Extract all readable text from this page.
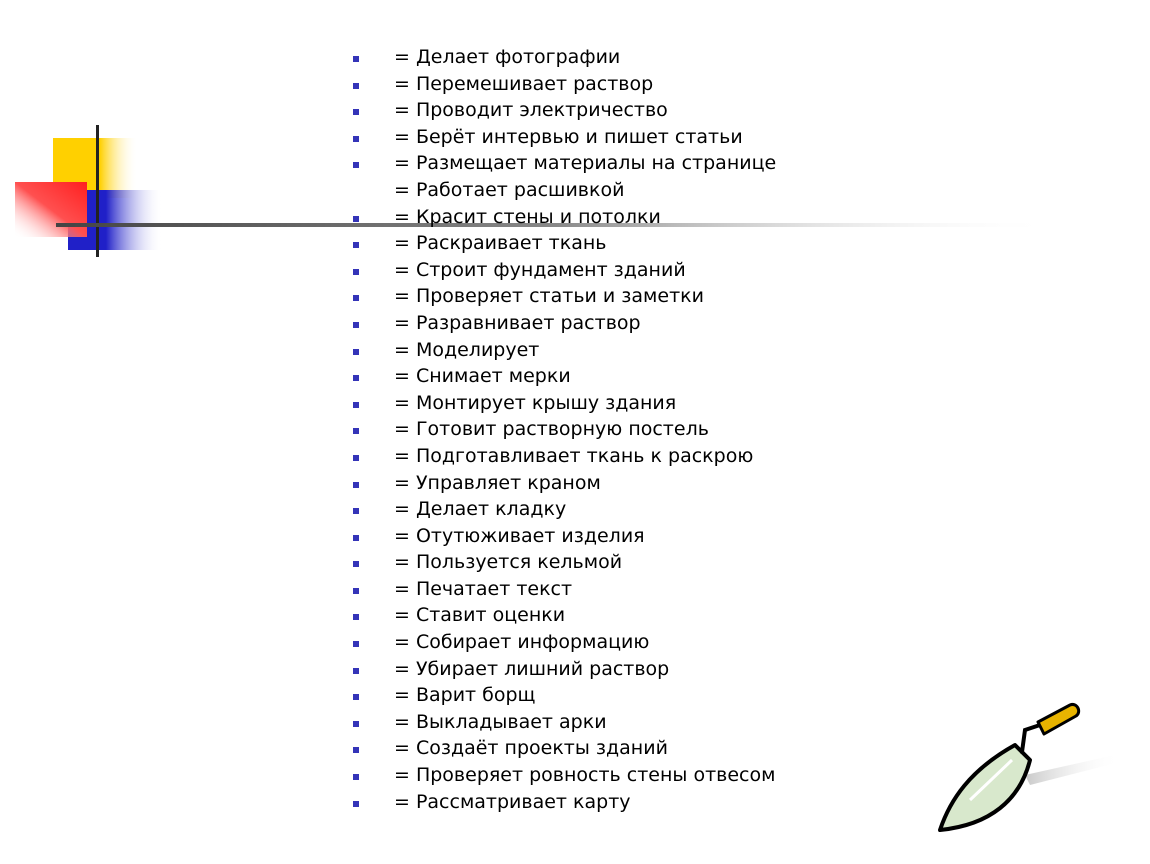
= Делает фотографии
= Перемешивает раствор
= Проводит электричество
= Берёт интервью и пишет статьи
= Размещает материалы на странице
= Работает расшивкой
= Красит стены и потолки
= Раскраивает ткань
= Строит фундамент зданий
= Проверяет статьи и заметки
= Разравнивает раствор
= Моделирует
= Снимает мерки
= Монтирует крышу здания
= Готовит растворную постель
= Подготавливает ткань к раскрою
= Управляет краном
= Делает кладку
= Отутюживает изделия
= Пользуется кельмой
= Печатает текст
= Ставит оценки
= Собирает информацию
= Убирает лишний раствор
= Варит борщ
= Выкладывает арки
= Создаёт проекты зданий
= Проверяет ровность стены отвесом
= Рассматривает карту
